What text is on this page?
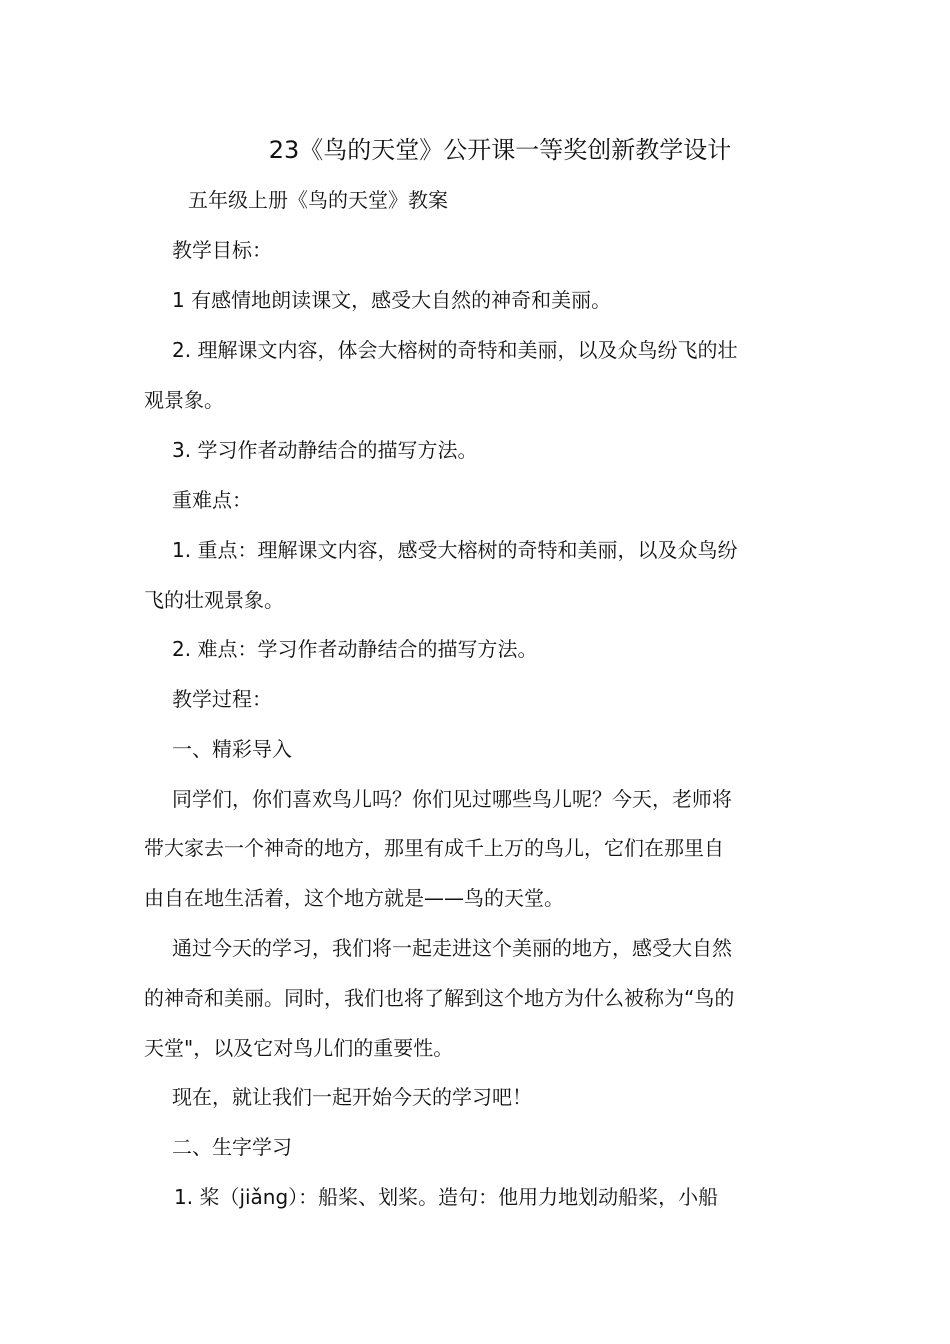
23《鸟的天堂》公开课一等奖创新教学设计
五年级上册《鸟的天堂》教案
教学目标：
1 有感情地朗读课文，感受大自然的神奇和美丽。
2. 理解课文内容，体会大榕树的奇特和美丽，以及众鸟纷飞的壮
观景象。
3. 学习作者动静结合的描写方法。
重难点：
1. 重点：理解课文内容，感受大榕树的奇特和美丽，以及众鸟纷
飞的壮观景象。
2. 难点：学习作者动静结合的描写方法。
教学过程：
一、精彩导入
同学们，你们喜欢鸟儿吗？你们见过哪些鸟儿呢？今天，老师将
带大家去一个神奇的地方，那里有成千上万的鸟儿，它们在那里自
由自在地生活着，这个地方就是——鸟的天堂。
通过今天的学习，我们将一起走进这个美丽的地方，感受大自然
的神奇和美丽。同时，我们也将了解到这个地方为什么被称为“鸟的
天堂"，以及它对鸟儿们的重要性。
现在，就让我们一起开始今天的学习吧！
二、生字学习
1. 桨（jiǎng）：船桨、划桨。造句：他用力地划动船桨，小船
